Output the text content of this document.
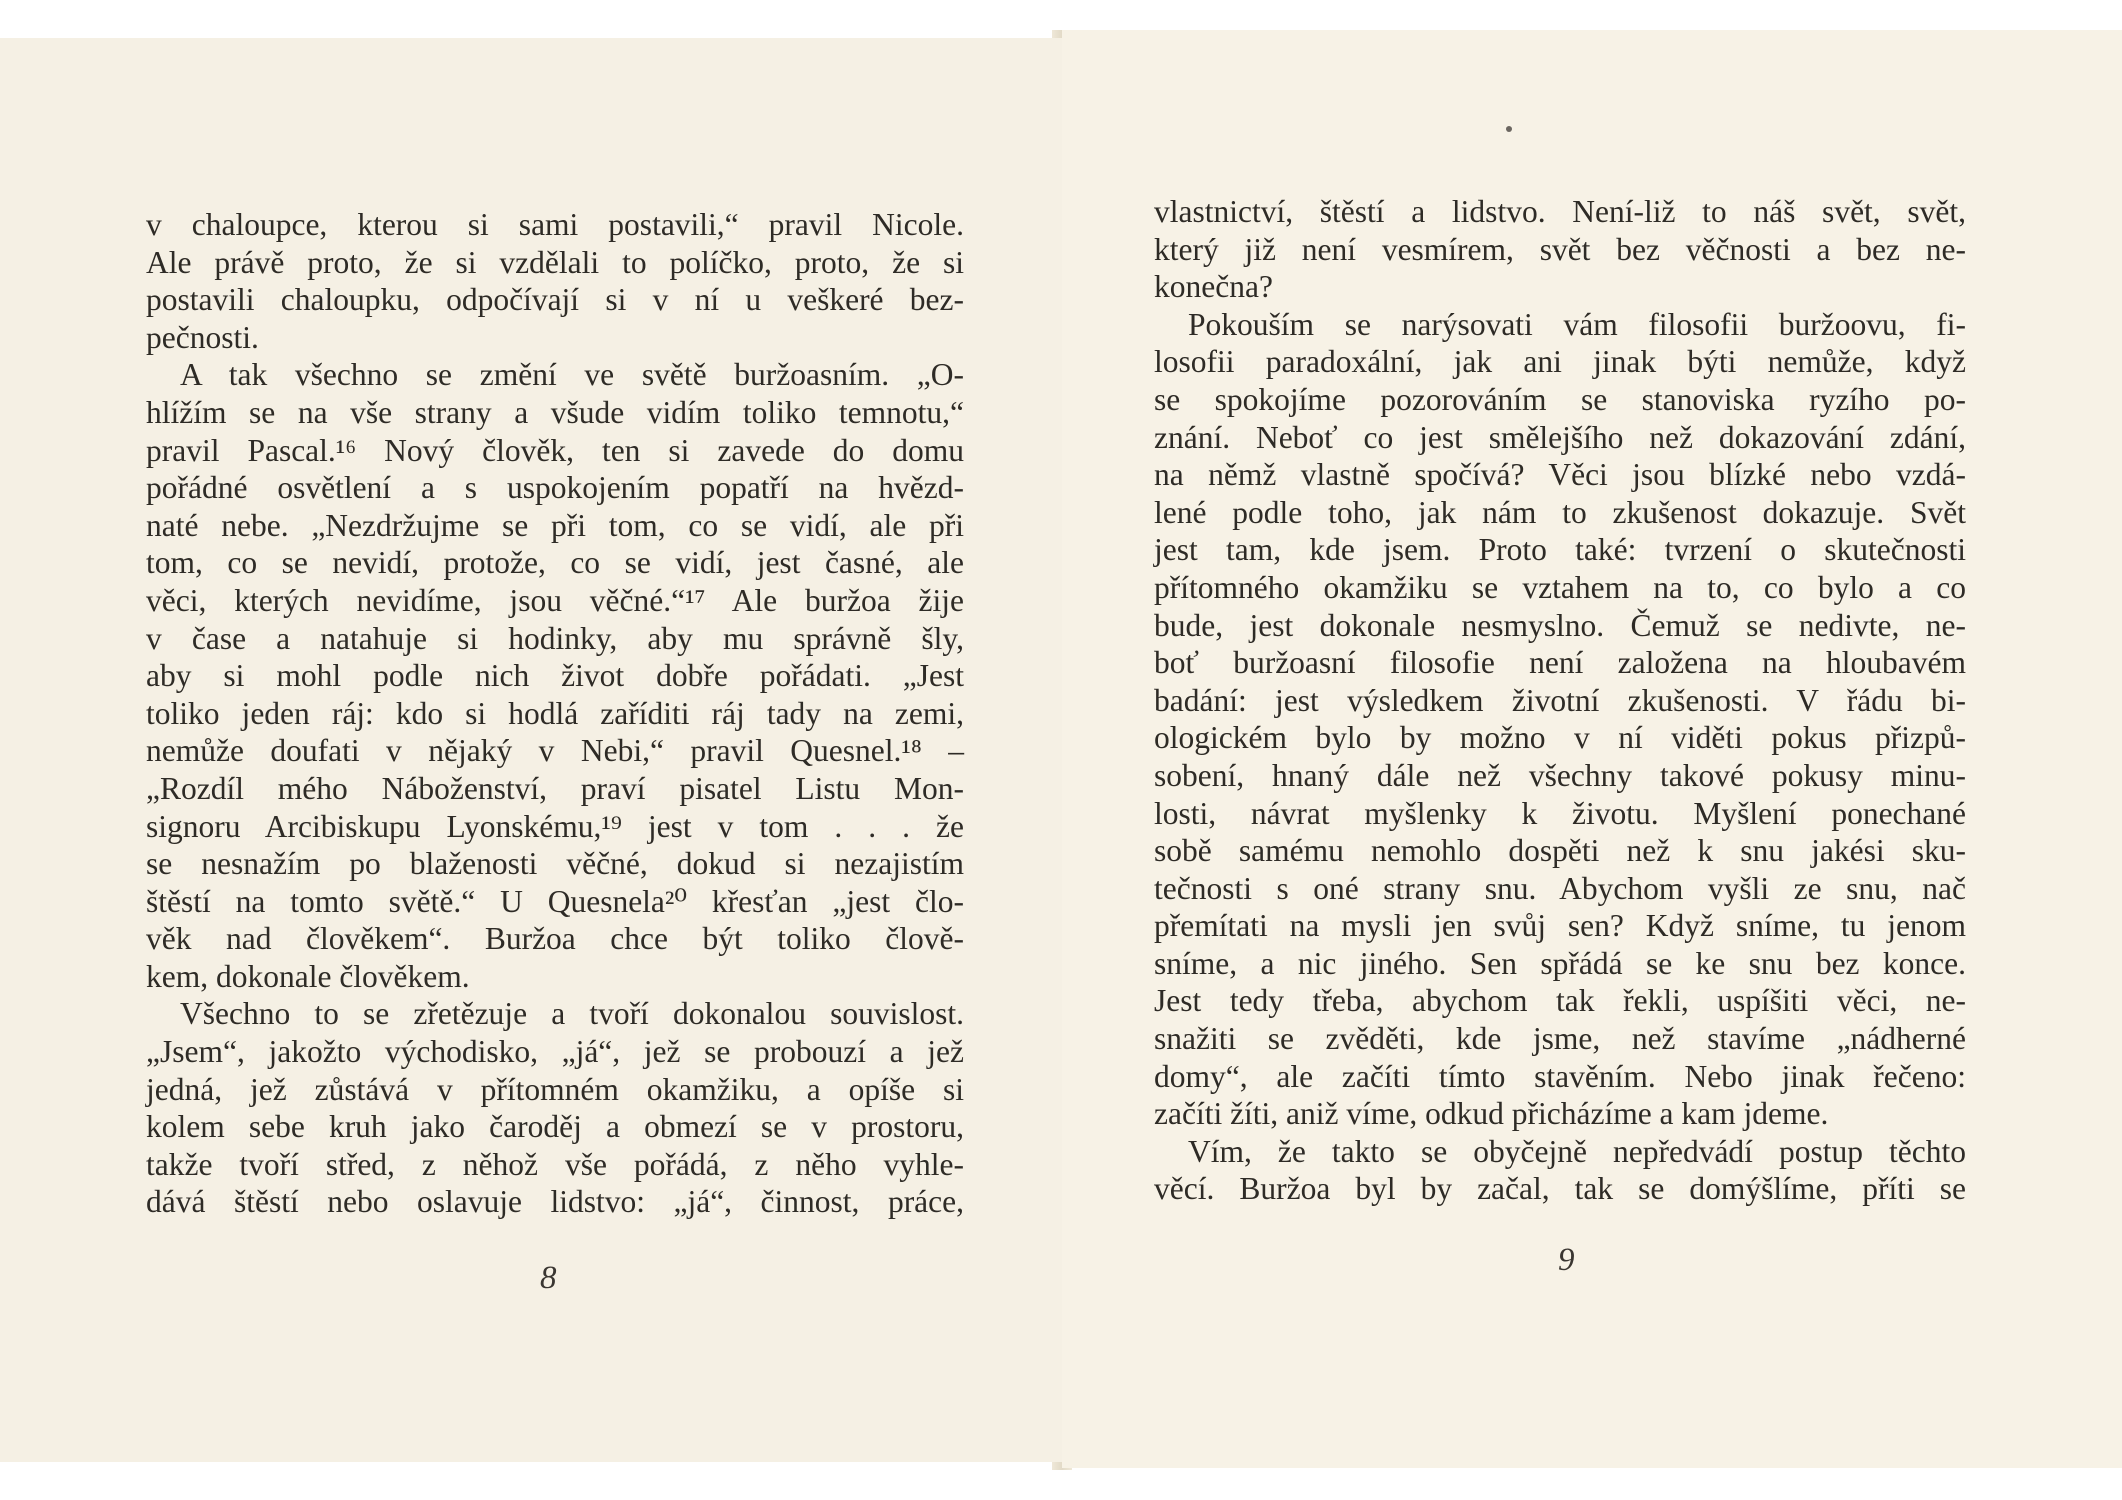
v chaloupce, kterou si sami postavili,“ pravil Nicole.
Ale právě proto, že si vzdělali to políčko, proto, že si
postavili chaloupku, odpočívají si v ní u veškeré bez-
pečnosti.
A tak všechno se změní ve světě buržoasním. „O-
hlížím se na vše strany a všude vidím toliko temnotu,“
pravil Pascal.¹⁶ Nový člověk, ten si zavede do domu
pořádné osvětlení a s uspokojením popatří na hvězd-
naté nebe. „Nezdržujme se při tom, co se vidí, ale při
tom, co se nevidí, protože, co se vidí, jest časné, ale
věci, kterých nevidíme, jsou věčné.“¹⁷ Ale buržoa žije
v čase a natahuje si hodinky, aby mu správně šly,
aby si mohl podle nich život dobře pořádati. „Jest
toliko jeden ráj: kdo si hodlá zaříditi ráj tady na zemi,
nemůže doufati v nějaký v Nebi,“ pravil Quesnel.¹⁸ –
„Rozdíl mého Náboženství, praví pisatel Listu Mon-
signoru Arcibiskupu Lyonskému,¹⁹ jest v tom . . . že
se nesnažím po blaženosti věčné, dokud si nezajistím
štěstí na tomto světě.“ U Quesnela²⁰ křesťan „jest člo-
věk nad člověkem“. Buržoa chce být toliko člově-
kem, dokonale člověkem.
Všechno to se zřetězuje a tvoří dokonalou souvislost.
„Jsem“, jakožto východisko, „já“, jež se probouzí a jež
jedná, jež zůstává v přítomném okamžiku, a opíše si
kolem sebe kruh jako čaroděj a obmezí se v prostoru,
takže tvoří střed, z něhož vše pořádá, z něho vyhle-
dává štěstí nebo oslavuje lidstvo: „já“, činnost, práce,
8
vlastnictví, štěstí a lidstvo. Není-liž to náš svět, svět,
který již není vesmírem, svět bez věčnosti a bez ne-
konečna?
Pokouším se narýsovati vám filosofii buržoovu, fi-
losofii paradoxální, jak ani jinak býti nemůže, když
se spokojíme pozorováním se stanoviska ryzího po-
znání. Neboť co jest smělejšího než dokazování zdání,
na němž vlastně spočívá? Věci jsou blízké nebo vzdá-
lené podle toho, jak nám to zkušenost dokazuje. Svět
jest tam, kde jsem. Proto také: tvrzení o skutečnosti
přítomného okamžiku se vztahem na to, co bylo a co
bude, jest dokonale nesmyslno. Čemuž se nedivte, ne-
boť buržoasní filosofie není založena na hloubavém
badání: jest výsledkem životní zkušenosti. V řádu bi-
ologickém bylo by možno v ní viděti pokus přizpů-
sobení, hnaný dále než všechny takové pokusy minu-
losti, návrat myšlenky k životu. Myšlení ponechané
sobě samému nemohlo dospěti než k snu jakési sku-
tečnosti s oné strany snu. Abychom vyšli ze snu, nač
přemítati na mysli jen svůj sen? Když sníme, tu jenom
sníme, a nic jiného. Sen spřádá se ke snu bez konce.
Jest tedy třeba, abychom tak řekli, uspíšiti věci, ne-
snažiti se zvěděti, kde jsme, než stavíme „nádherné
domy“, ale začíti tímto stavěním. Nebo jinak řečeno:
začíti žíti, aniž víme, odkud přicházíme a kam jdeme.
Vím, že takto se obyčejně nepředvádí postup těchto
věcí. Buržoa byl by začal, tak se domýšlíme, příti se
9
